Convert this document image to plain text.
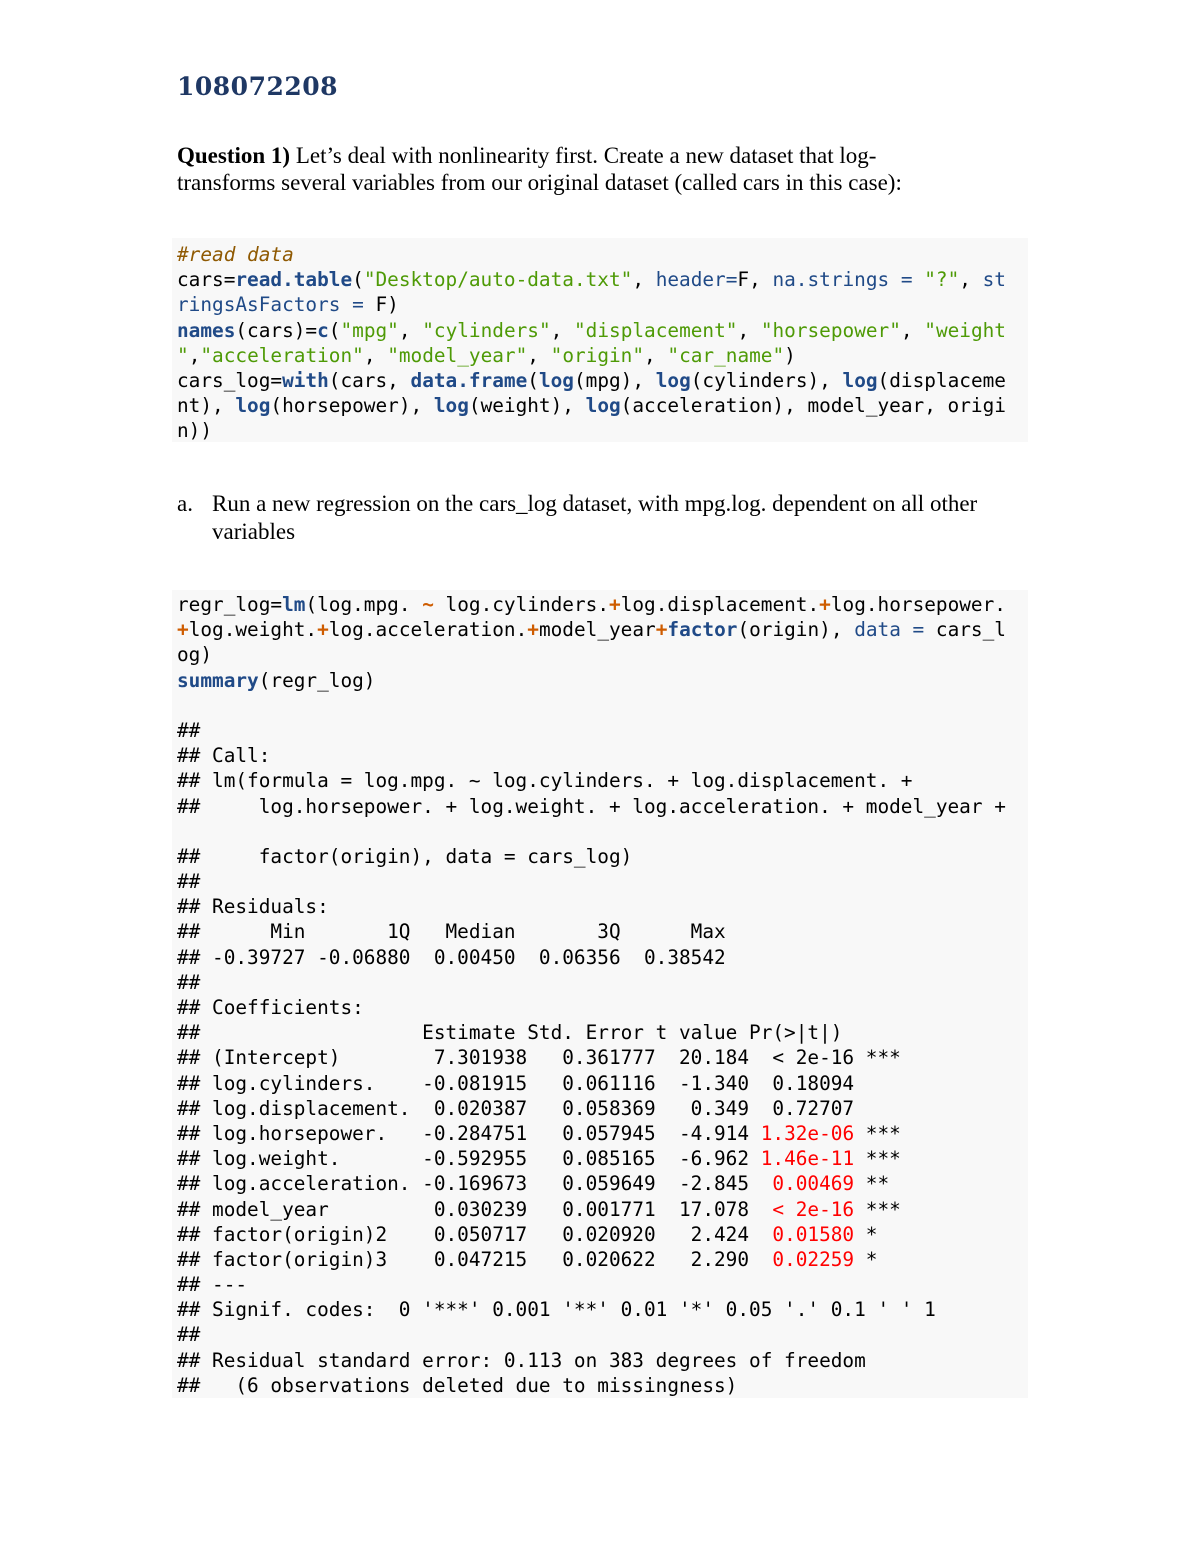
108072208
Question 1) Let’s deal with nonlinearity first. Create a new dataset that log-
transforms several variables from our original dataset (called cars in this case):
#read data
cars=read.table("Desktop/auto-data.txt", header=F, na.strings = "?", st
ringsAsFactors = F)
names(cars)=c("mpg", "cylinders", "displacement", "horsepower", "weight
","acceleration", "model_year", "origin", "car_name")
cars_log=with(cars, data.frame(log(mpg), log(cylinders), log(displaceme
nt), log(horsepower), log(weight), log(acceleration), model_year, origi
n))
a. Run a new regression on the cars_log dataset, with mpg.log. dependent on all other variables
regr_log=lm(log.mpg. ~ log.cylinders.+log.displacement.+log.horsepower.
+log.weight.+log.acceleration.+model_year+factor(origin), data = cars_l
og)
summary(regr_log)

##
## Call:
## lm(formula = log.mpg. ~ log.cylinders. + log.displacement. +
##     log.horsepower. + log.weight. + log.acceleration. + model_year +

##     factor(origin), data = cars_log)
##
## Residuals:
##      Min       1Q   Median       3Q      Max
## -0.39727 -0.06880  0.00450  0.06356  0.38542
##
## Coefficients:
##                   Estimate Std. Error t value Pr(>|t|)
## (Intercept)        7.301938   0.361777  20.184  < 2e-16 ***
## log.cylinders.    -0.081915   0.061116  -1.340  0.18094
## log.displacement.  0.020387   0.058369   0.349  0.72707
## log.horsepower.   -0.284751   0.057945  -4.914 1.32e-06 ***
## log.weight.       -0.592955   0.085165  -6.962 1.46e-11 ***
## log.acceleration. -0.169673   0.059649  -2.845  0.00469 **
## model_year         0.030239   0.001771  17.078  < 2e-16 ***
## factor(origin)2    0.050717   0.020920   2.424  0.01580 *
## factor(origin)3    0.047215   0.020622   2.290  0.02259 *
## ---
## Signif. codes:  0 '***' 0.001 '**' 0.01 '*' 0.05 '.' 0.1 ' ' 1
##
## Residual standard error: 0.113 on 383 degrees of freedom
##   (6 observations deleted due to missingness)
